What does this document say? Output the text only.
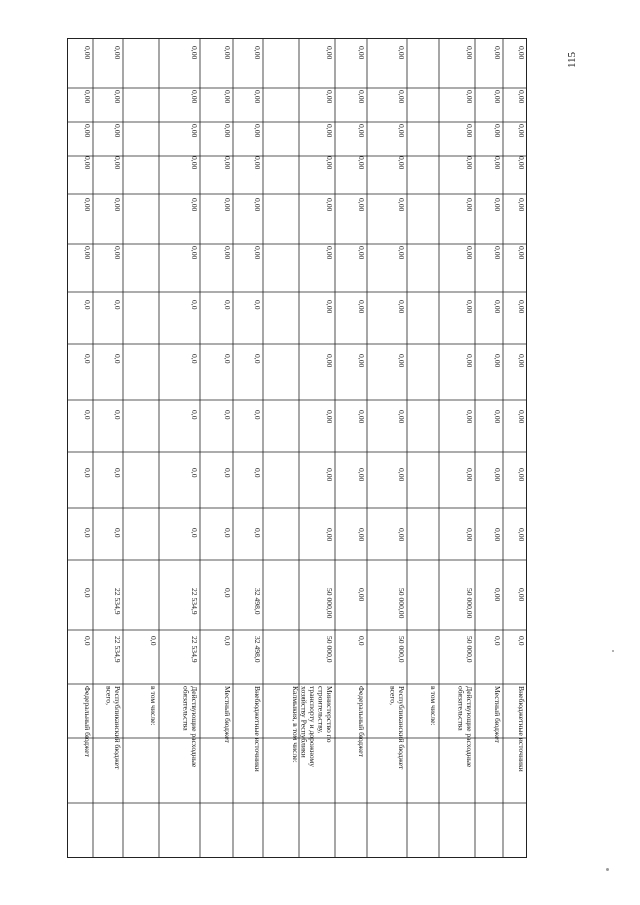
115
Федеральный бюджет
0,0
0,0
0,0
0,0
0,0
0,0
0,0
0,00
0,00
0,00
0,00
0,00
0,00
Республиканский бюджет
всего,
22 534,9
22 534,9
0,0
0,0
0,0
0,0
0,0
0,00
0,00
0,00
0,00
0,00
0,00
в том числе:
0,0
Действующие расходные
обязательства
22 534,9
22 534,9
0,0
0,0
0,0
0,0
0,0
0,00
0,00
0,00
0,00
0,00
0,00
Местный бюджет
0,0
0,0
0,0
0,0
0,0
0,0
0,0
0,00
0,00
0,00
0,00
0,00
0,00
Внебюджетные источники
32 498,0
32 498,0
0,0
0,0
0,0
0,0
0,0
0,00
0,00
0,00
0,00
0,00
0,00
Министерство по
строительству,
транспорту и дорожному
хозяйству Республики
Калмыкия, в том числе:
50 000,0
50 000,00
0,00
0,00
0,00
0,00
0,00
0,00
0,00
0,00
0,00
0,00
0,00
Федеральный бюджет
0,0
0,00
0,00
0,00
0,00
0,00
0,00
0,00
0,00
0,00
0,00
0,00
0,00
Республиканский бюджет
всего,
50 000,0
50 000,00
0,00
0,00
0,00
0,00
0,00
0,00
0,00
0,00
0,00
0,00
0,00
в том числе:	Действующие расходные
обязательства
50 000,0
50 000,00
0,00
0,00
0,00
0,00
0,00
0,00
0,00
0,00
0,00
0,00
0,00
Местный бюджет
0,0
0,00
0,00
0,00
0,00
0,00
0,00
0,00
0,00
0,00
0,00
0,00
0,00
Внебюджетные источники
0,0
0,00
0,00
0,00
0,00
0,00
0,00
0,00
0,00
0,00
0,00
0,00
0,00
